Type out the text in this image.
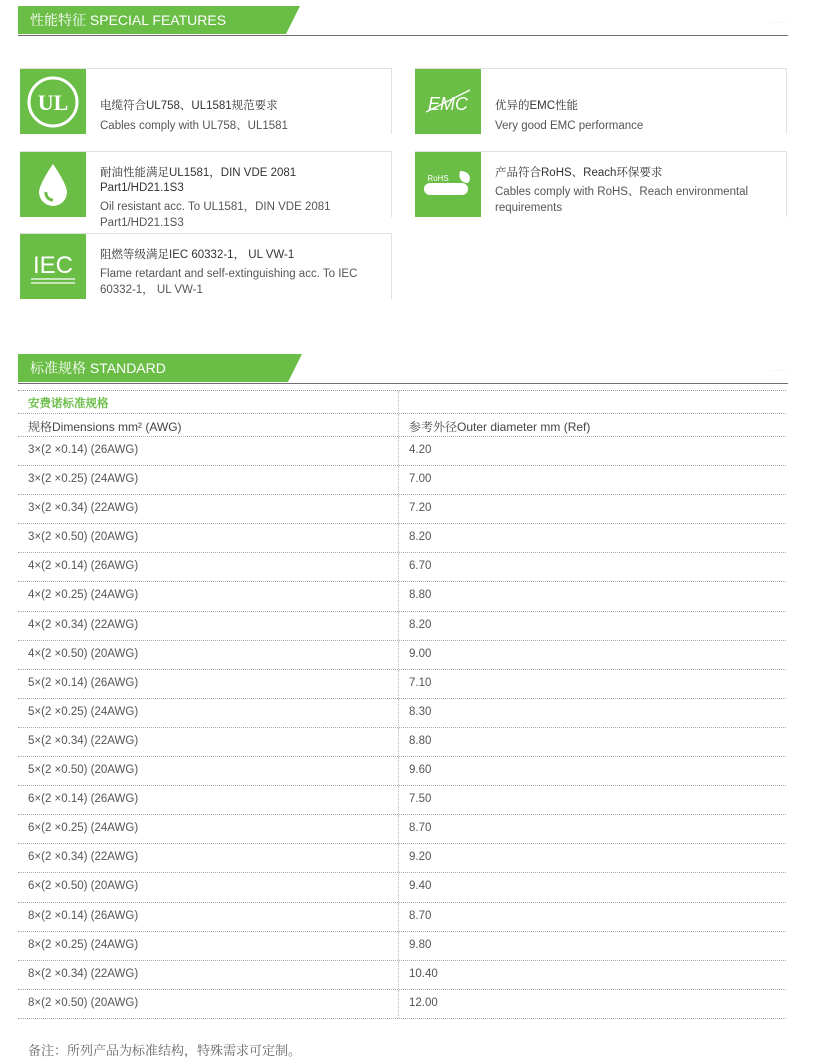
性能特征 SPECIAL FEATURES	......
UL	电缆符合UL758、UL1581规范要求
Cables comply with UL758、UL1581
EMC 优异的EMC性能
Very good EMC performance
耐油性能满足UL1581，DIN VDE 2081 Part1/HD21.1S3
Oil resistant acc. To UL1581，DIN VDE 2081 Part1/HD21.1S3
RoHS	产品符合RoHS、Reach环保要求
Cables comply with RoHS、Reach environmental requirements
IEC 阻燃等级满足IEC 60332-1， UL VW-1
Flame retardant and self-extinguishing acc. To IEC 60332-1， UL VW-1
标准规格 STANDARD	......
安费诺标准规格
规格Dimensions mm² (AWG)	参考外径Outer diameter mm (Ref)
3×(2 ×0.14) (26AWG)	4.20
3×(2 ×0.25) (24AWG)	7.00
3×(2 ×0.34) (22AWG)	7.20
3×(2 ×0.50) (20AWG)	8.20
4×(2 ×0.14) (26AWG)	6.70
4×(2 ×0.25) (24AWG)	8.80
4×(2 ×0.34) (22AWG)	8.20
4×(2 ×0.50) (20AWG)	9.00
5×(2 ×0.14) (26AWG)	7.10
5×(2 ×0.25) (24AWG)	8.30
5×(2 ×0.34) (22AWG)	8.80
5×(2 ×0.50) (20AWG)	9.60
6×(2 ×0.14) (26AWG)	7.50
6×(2 ×0.25) (24AWG)	8.70
6×(2 ×0.34) (22AWG)	9.20
6×(2 ×0.50) (20AWG)	9.40
8×(2 ×0.14) (26AWG)	8.70
8×(2 ×0.25) (24AWG)	9.80
8×(2 ×0.34) (22AWG)	10.40
8×(2 ×0.50) (20AWG)	12.00
备注：所列产品为标准结构，特殊需求可定制。
